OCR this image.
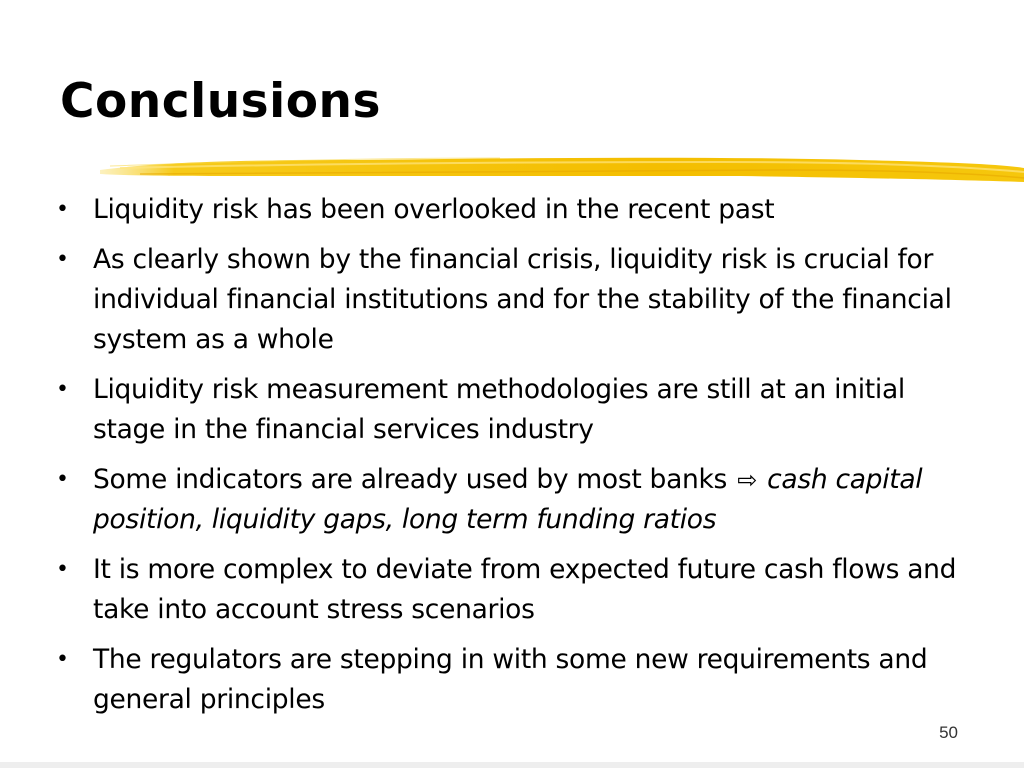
Conclusions
• Liquidity risk has been overlooked in the recent past
• As clearly shown by the financial crisis, liquidity risk is crucial for individual financial institutions and for the stability of the financial system as a whole
• Liquidity risk measurement methodologies are still at an initial stage in the financial services industry
• Some indicators are already used by most banks ⇨ cash capital position, liquidity gaps, long term funding ratios
• It is more complex to deviate from expected future cash flows and take into account stress scenarios
• The regulators are stepping in with some new requirements and general principles
50
